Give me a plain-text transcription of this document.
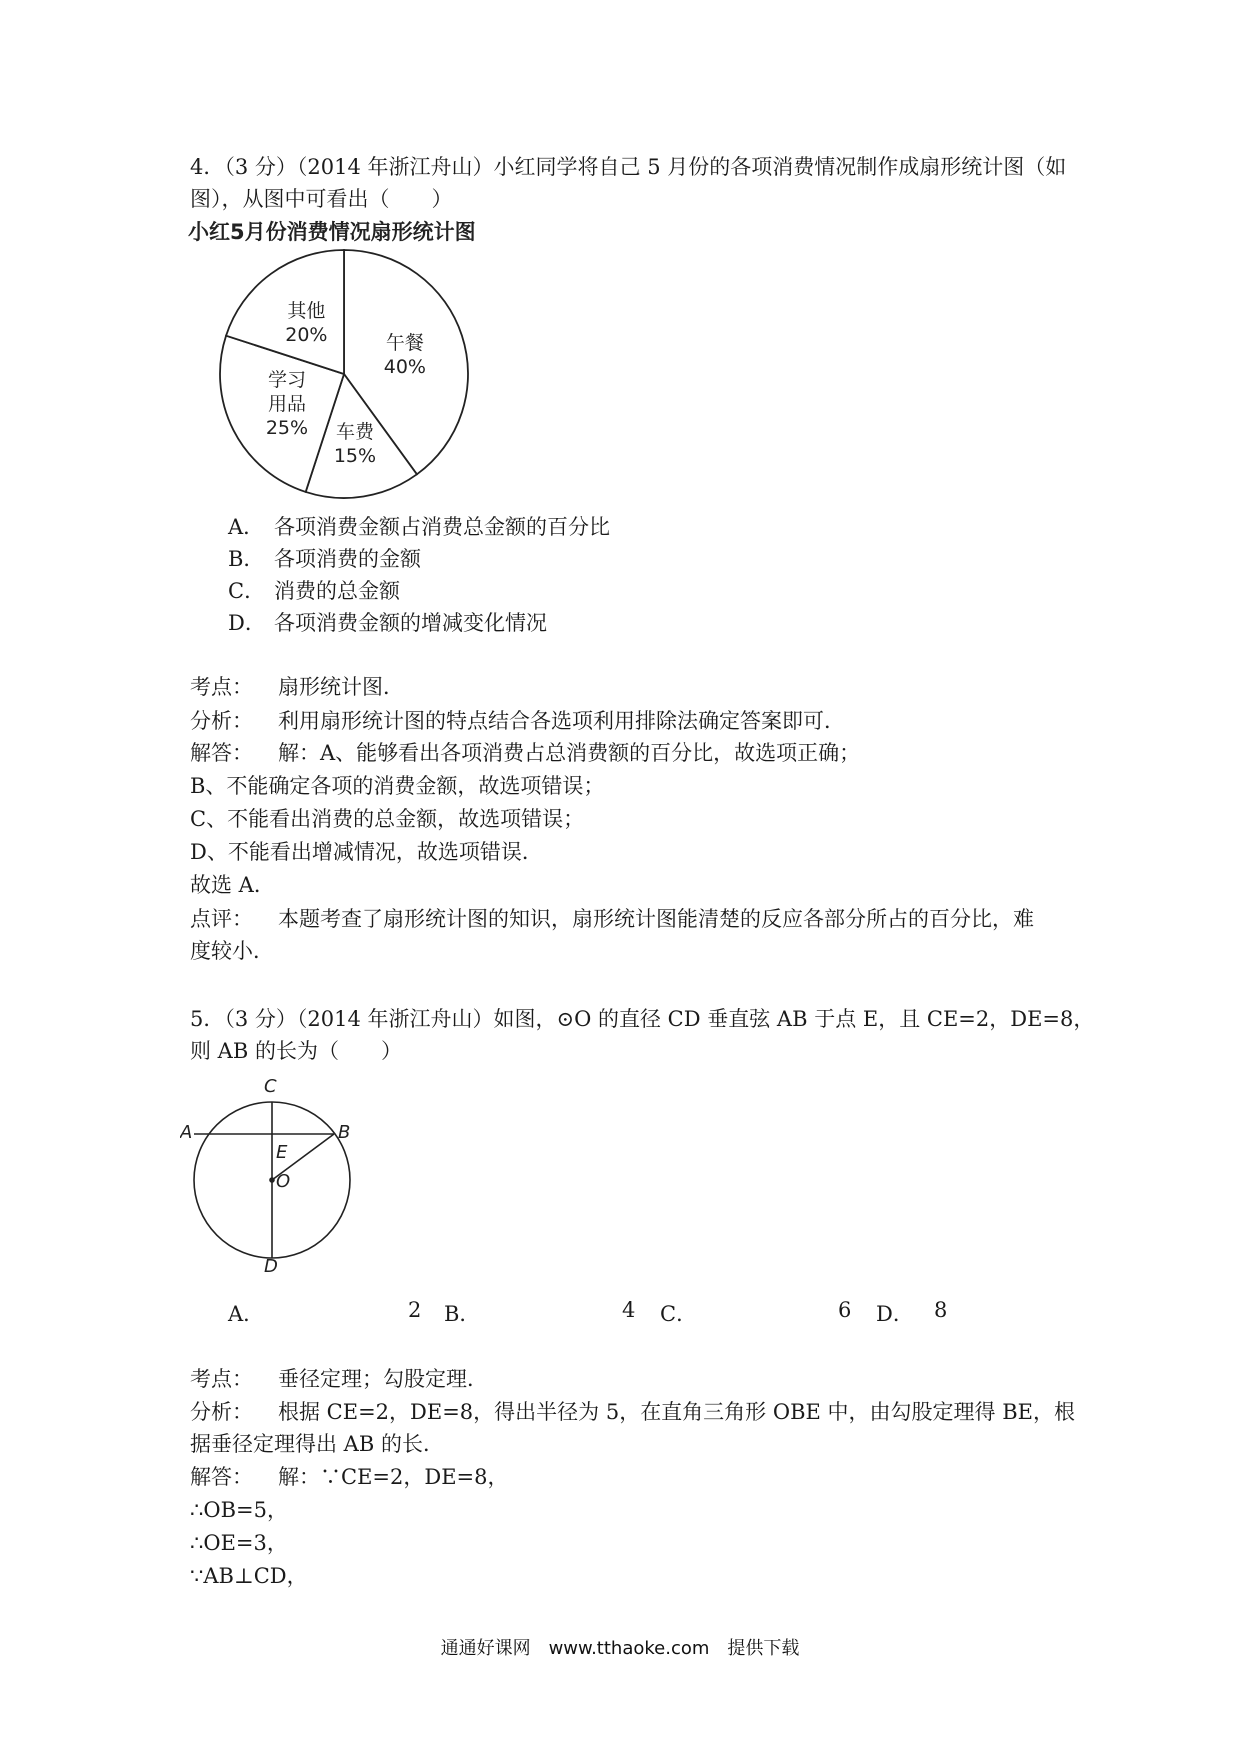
4．（3 分）（2014 年浙江舟山）小红同学将自己 5 月份的各项消费情况制作成扇形统计图（如
图），从图中可看出（　　）
小红5月份消费情况扇形统计图
午餐
40%
车费
15%
学习
用品
25%
其他
20%
A． 各项消费金额占消费总金额的百分比
B． 各项消费的金额
C． 消费的总金额
D． 各项消费金额的增减变化情况
考点： 扇形统计图．
分析： 利用扇形统计图的特点结合各选项利用排除法确定答案即可．
解答： 解：A、能够看出各项消费占总消费额的百分比，故选项正确；
B、不能确定各项的消费金额，故选项错误；
C、不能看出消费的总金额，故选项错误；
D、不能看出增减情况，故选项错误．
故选 A．
点评： 本题考查了扇形统计图的知识，扇形统计图能清楚的反应各部分所占的百分比，难
度较小．
5．（3 分）（2014 年浙江舟山）如图，⊙O 的直径 CD 垂直弦 AB 于点 E，且 CE=2，DE=8，
则 AB 的长为（　　）
C
A	B
E
O
D
A．	2 B．	4 C．	6 D． 8
考点： 垂径定理；勾股定理．
分析： 根据 CE=2，DE=8，得出半径为 5，在直角三角形 OBE 中，由勾股定理得 BE，根
据垂径定理得出 AB 的长．
解答： 解：∵CE=2，DE=8，
∴OB=5，
∴OE=3，
∵AB⊥CD，
通通好课网　www.tthaoke.com　提供下载
